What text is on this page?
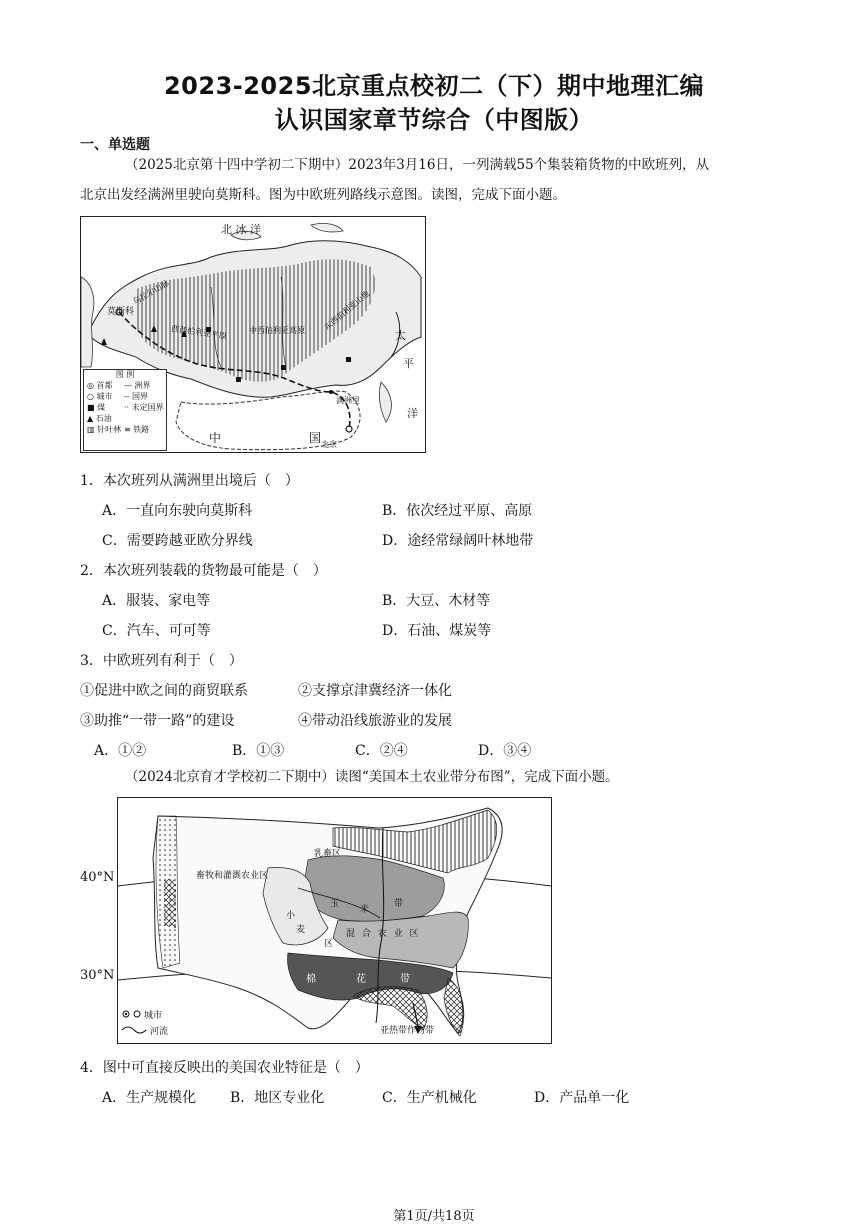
2023-2025北京重点校初二（下）期中地理汇编
认识国家章节综合（中图版）
一、单选题
（2025北京第十四中学初二下期中）2023年3月16日，一列满载55个集装箱货物的中欧班列，从
北京出发经满洲里驶向莫斯科。图为中欧班列路线示意图。读图，完成下面小题。
北 冰 洋
莫斯科
乌拉尔山脉
西西伯利亚平原	中西伯利亚高原 东西伯利亚山地
太
平
洋
满洲里
中	国 北京
图 例
◎ 首都
○ 城市
■ 煤
▲ 石油
▥ 针叶林
— 洲界
-- 国界
·· 未定国界
≡ 铁路
1．本次班列从满洲里出境后（　）
A．一直向东驶向莫斯科	B．依次经过平原、高原
C．需要跨越亚欧分界线	D．途经常绿阔叶林地带
2．本次班列装载的货物最可能是（　）
A．服装、家电等	B．大豆、木材等
C．汽车、可可等	D．石油、煤炭等
3．中欧班列有利于（　）
①促进中欧之间的商贸联系	②支撑京津冀经济一体化
③助推“一带一路”的建设	④带动沿线旅游业的发展
A．①②	B．①③	C．②④	D．③④
（2024北京育才学校初二下期中）读图“美国本土农业带分布图”，完成下面小题。
40°N
30°N
乳畜区
畜牧和灌溉农业区
小
麦
区
玉
米
带
混 合 农 业 区
棉	花	带
亚热带作物带
城市
河流
4．图中可直接反映出的美国农业特征是（　）
A．生产规模化 B．地区专业化	C．生产机械化	D．产品单一化
第1页/共18页
